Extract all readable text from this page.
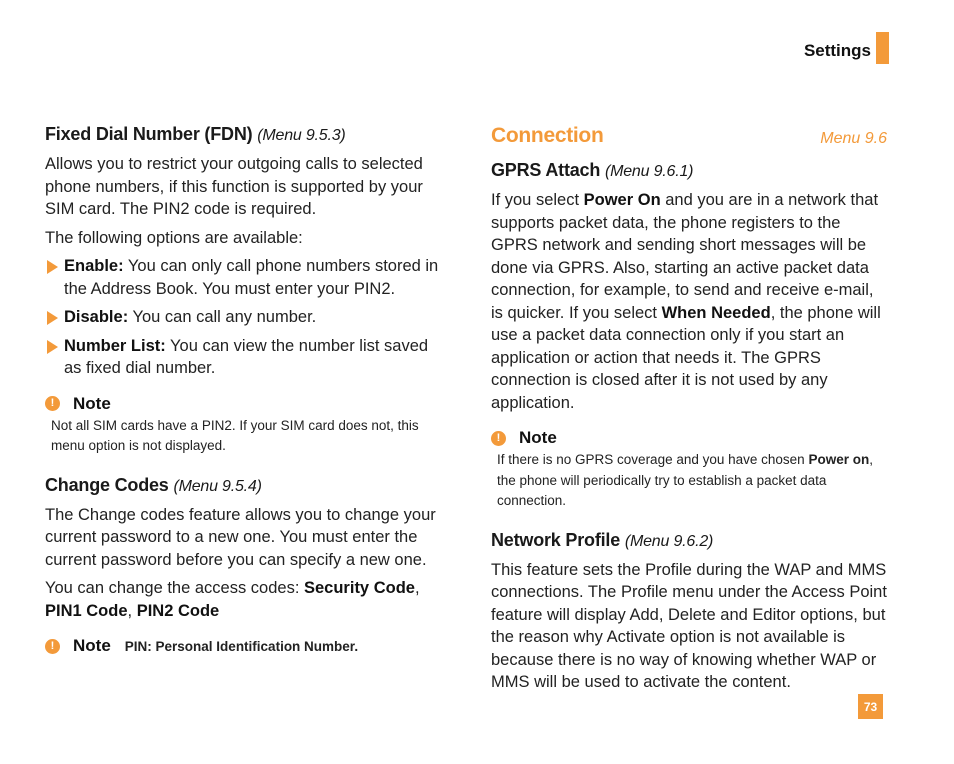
Settings
Fixed Dial Number (FDN) (Menu 9.5.3)

Allows you to restrict your outgoing calls to selected phone numbers, if this function is supported by your SIM card. The PIN2 code is required.

The following options are available:

Enable: You can only call phone numbers stored in the Address Book. You must enter your PIN2.
Disable: You can call any number.
Number List: You can view the number list saved as fixed dial number.
!	Note

Not all SIM cards have a PIN2. If your SIM card does not, this menu option is not displayed.

Change Codes (Menu 9.5.4)

The Change codes feature allows you to change your current password to a new one. You must enter the current password before you can specify a new one.

You can change the access codes: Security Code, PIN1 Code, PIN2 Code

!	Note PIN: Personal Identification Number.
Connection	Menu 9.6
GPRS Attach (Menu 9.6.1)

If you select Power On and you are in a network that supports packet data, the phone registers to the GPRS network and sending short messages will be done via GPRS. Also, starting an active packet data connection, for example, to send and receive e-mail, is quicker. If you select When Needed, the phone will use a packet data connection only if you start an application or action that needs it. The GPRS connection is closed after it is not used by any application.

!	Note

If there is no GPRS coverage and you have chosen Power on, the phone will periodically try to establish a packet data connection.

Network Profile (Menu 9.6.2)

This feature sets the Profile during the WAP and MMS connections. The Profile menu under the Access Point feature will display Add, Delete and Editor options, but the reason why Activate option is not available is because there is no way of knowing whether WAP or MMS will be used to activate the content.

73
